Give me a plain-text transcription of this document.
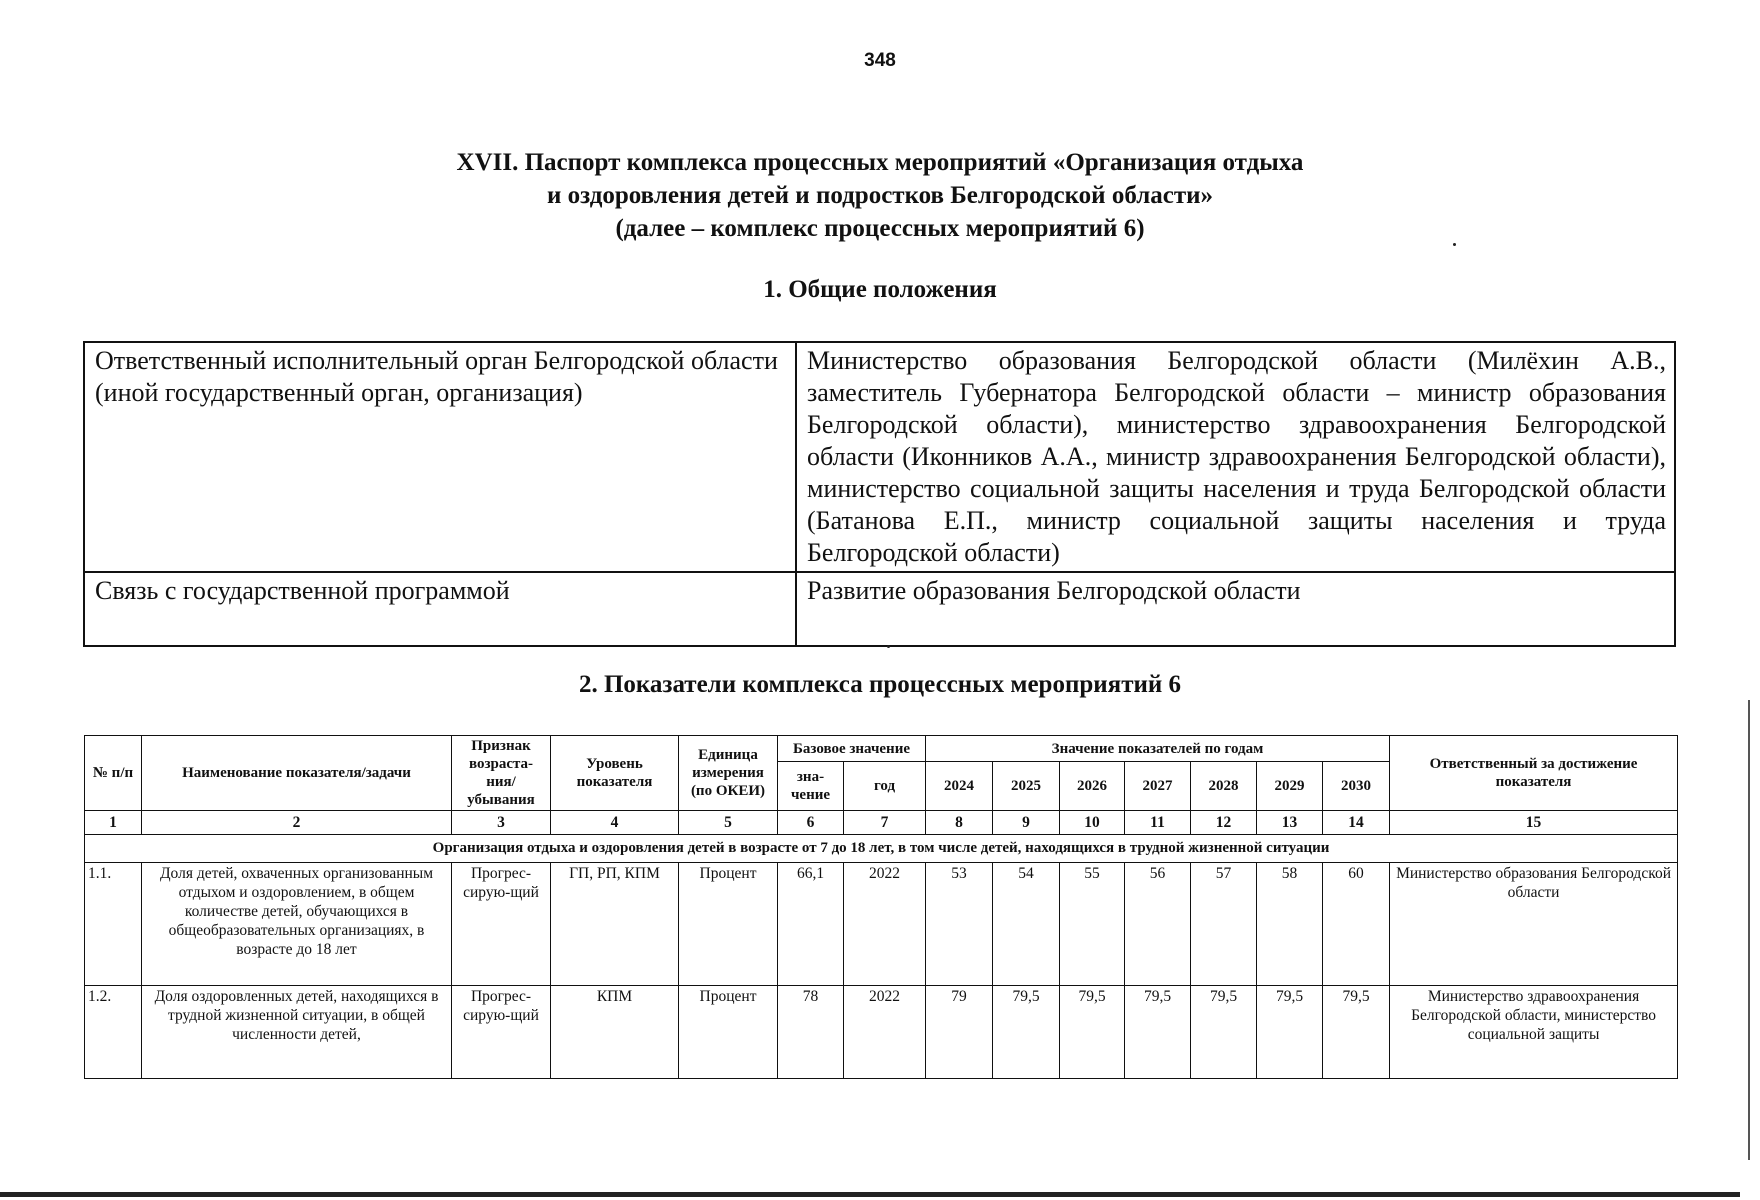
348
XVII. Паспорт комплекса процессных мероприятий «Организация отдыха
и оздоровления детей и подростков Белгородской области»
(далее – комплекс процессных мероприятий 6)
1. Общие положения
Ответственный исполнительный орган Белгородской области (иной государственный орган, организация)	Министерство образования Белгородской области (Милёхин А.В., заместитель Губернатора Белгородской области – министр образования Белгородской области), министерство здравоохранения Белгородской области (Иконников А.А., министр здравоохранения Белгородской области), министерство социальной защиты населения и труда Белгородской области (Батанова Е.П., министр социальной защиты населения и труда Белгородской области)
Связь с государственной программой	Развитие образования Белгородской области
2. Показатели комплекса процессных мероприятий 6
№ п/п	Наименование показателя/задачи	Признак возраста-ния/ убывания	Уровень показателя	Единица измерения (по ОКЕИ)	Базовое значение		Значение показателей по годам							Ответственный за достижение показателя
					зна-чение	год	2024	2025	2026	2027	2028	2029	2030	
1	2	3	4	5	6	7	8	9	10	11	12	13	14	15
Организация отдыха и оздоровления детей в возрасте от 7 до 18 лет, в том числе детей, находящихся в трудной жизненной ситуации														
1.1.	Доля детей, охваченных организованным отдыхом и оздоровлением, в общем количестве детей, обучающихся в общеобразовательных организациях, в возрасте до 18 лет	Прогрес-сирую-щий	ГП, РП, КПМ	Процент	66,1	2022	53	54	55	56	57	58	60	Министерство образования Белгородской области
1.2.	Доля оздоровленных детей, находящихся в трудной жизненной ситуации, в общей численности детей,	Прогрес-сирую-щий	КПМ	Процент	78	2022	79	79,5	79,5	79,5	79,5	79,5	79,5	Министерство здравоохранения Белгородской области, министерство социальной защиты
